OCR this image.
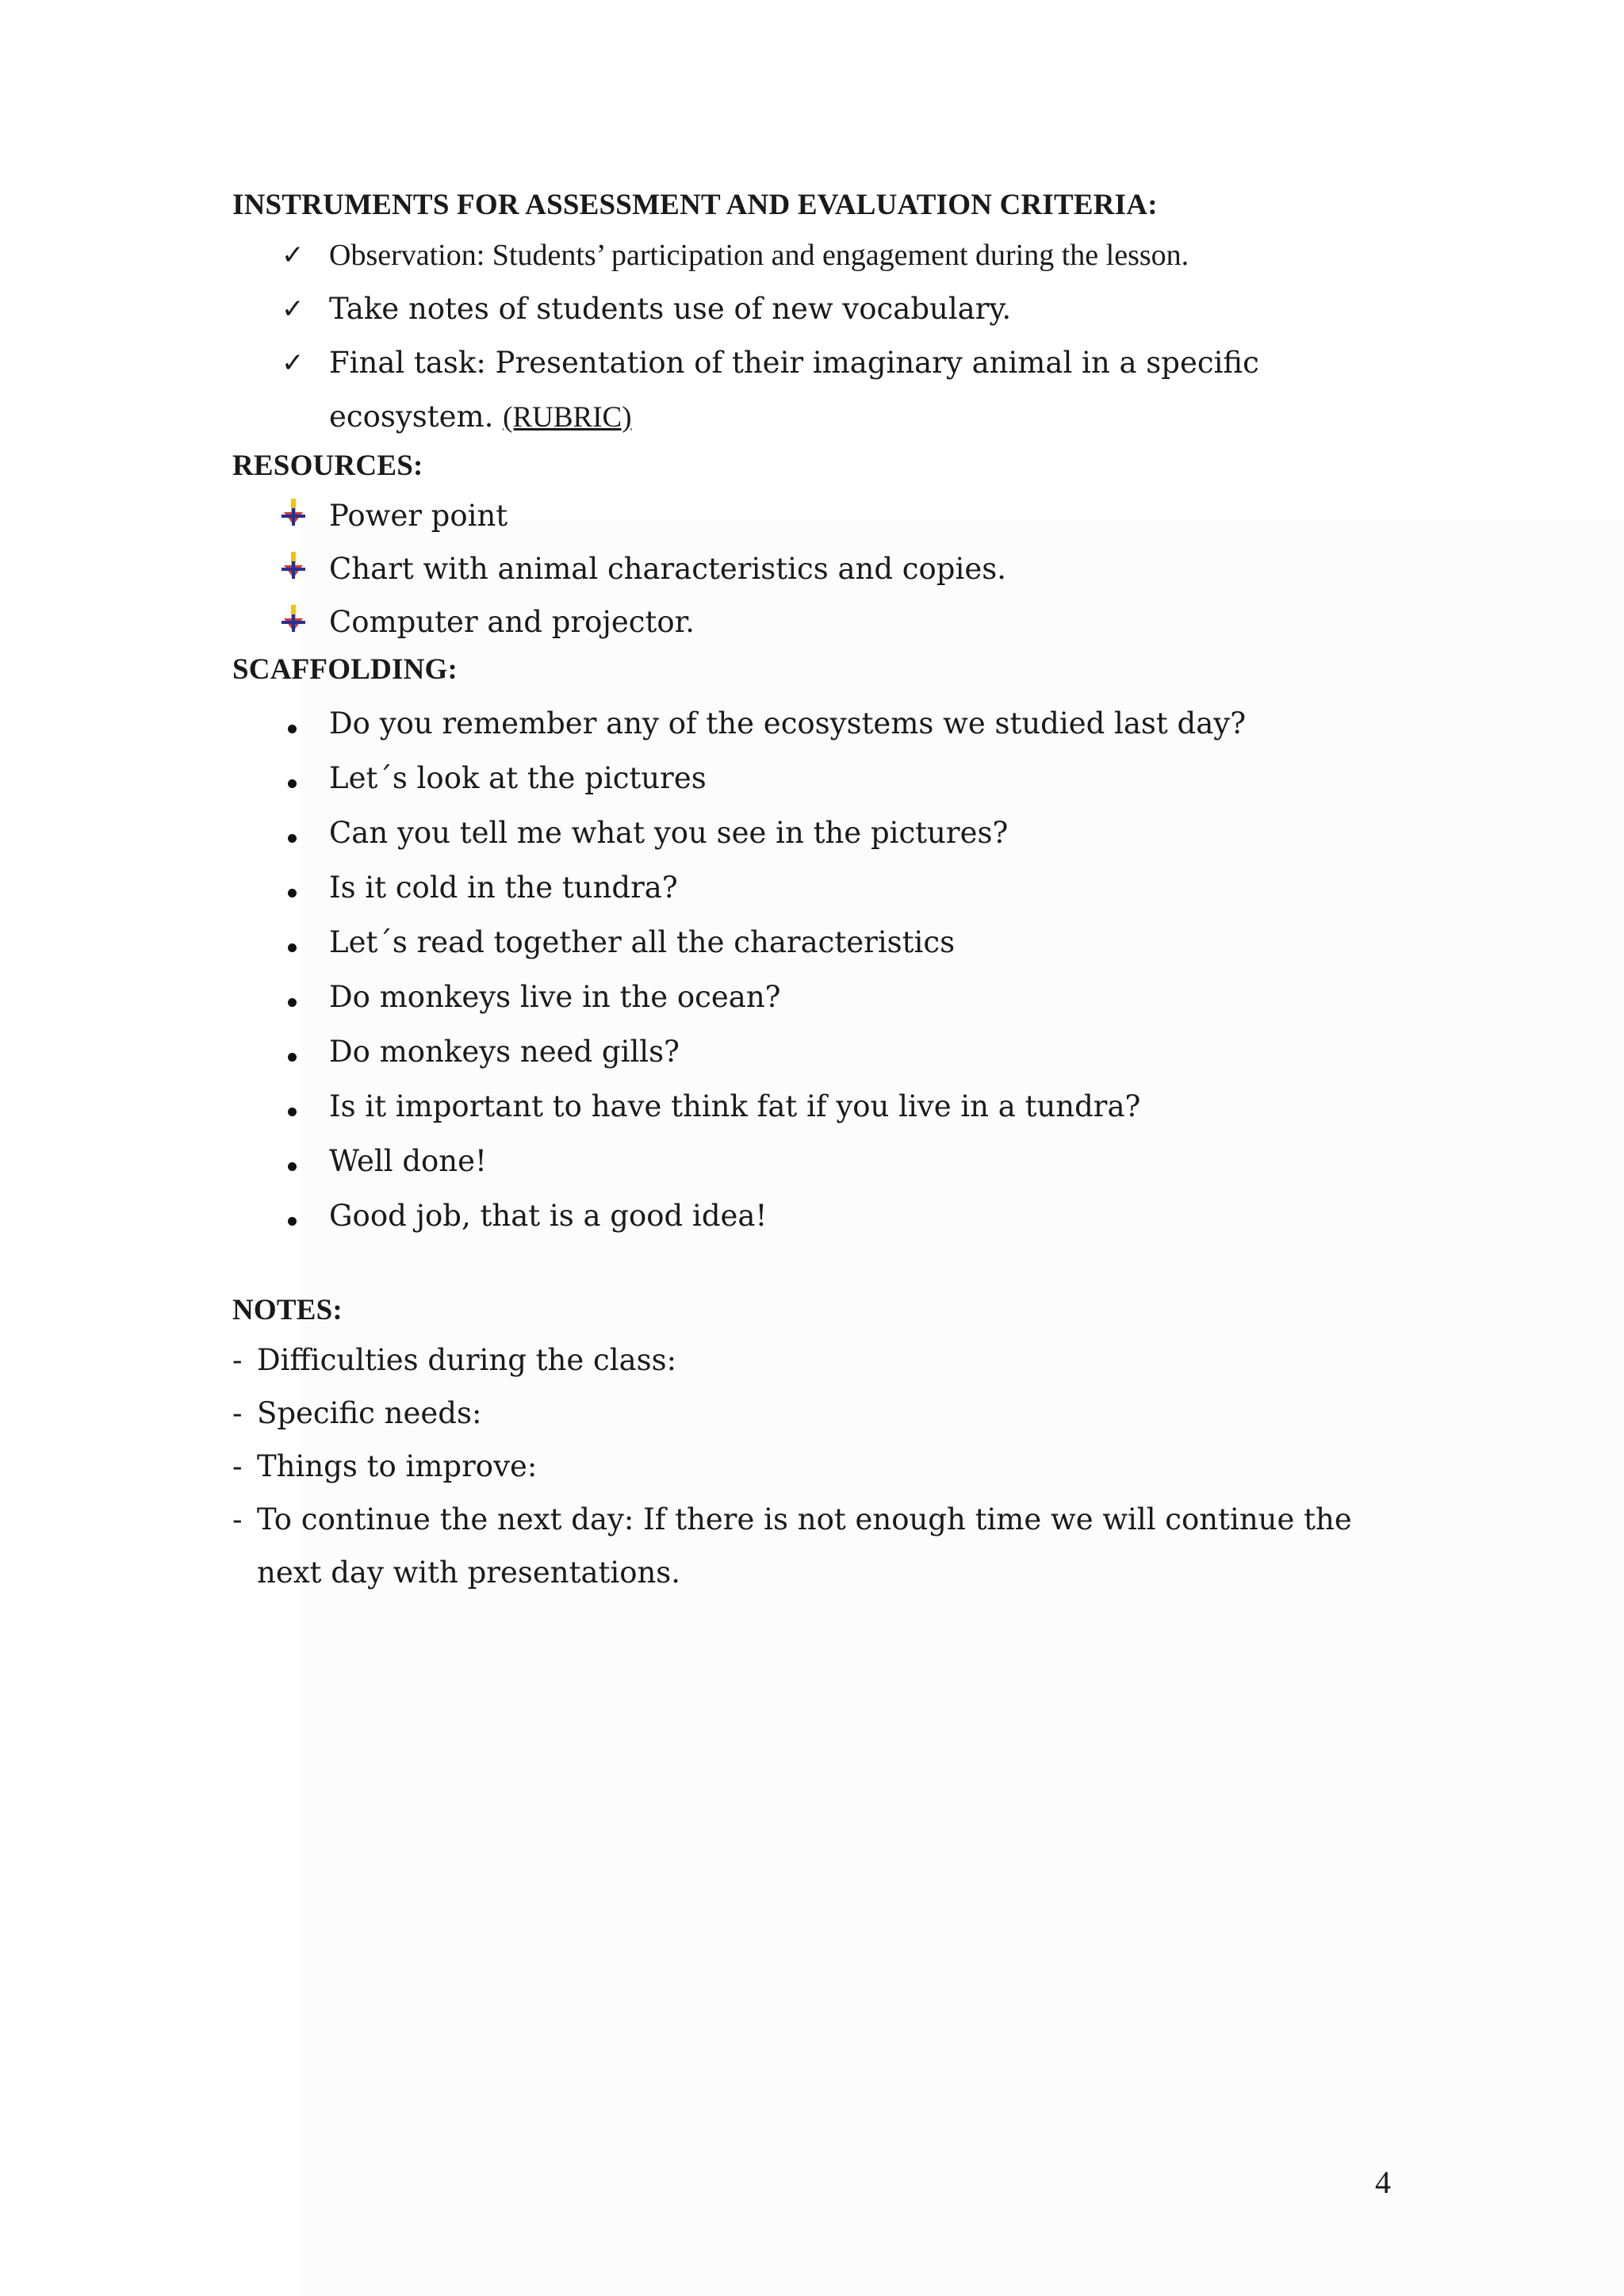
INSTRUMENTS FOR ASSESSMENT AND EVALUATION CRITERIA:
✓ Observation: Students’ participation and engagement during the lesson.
✓ Take notes of students use of new vocabulary.
✓ Final task: Presentation of their imaginary animal in a specific
ecosystem. (RUBRIC)
RESOURCES:
Power point
Chart with animal characteristics and copies.
Computer and projector.
SCAFFOLDING:
Do you remember any of the ecosystems we studied last day?
Let´s look at the pictures
Can you tell me what you see in the pictures?
Is it cold in the tundra?
Let´s read together all the characteristics
Do monkeys live in the ocean?
Do monkeys need gills?
Is it important to have think fat if you live in a tundra?
Well done!
Good job, that is a good idea!
NOTES:
- Difficulties during the class:
- Specific needs:
- Things to improve:
- To continue the next day: If there is not enough time we will continue the next day with presentations.
4
